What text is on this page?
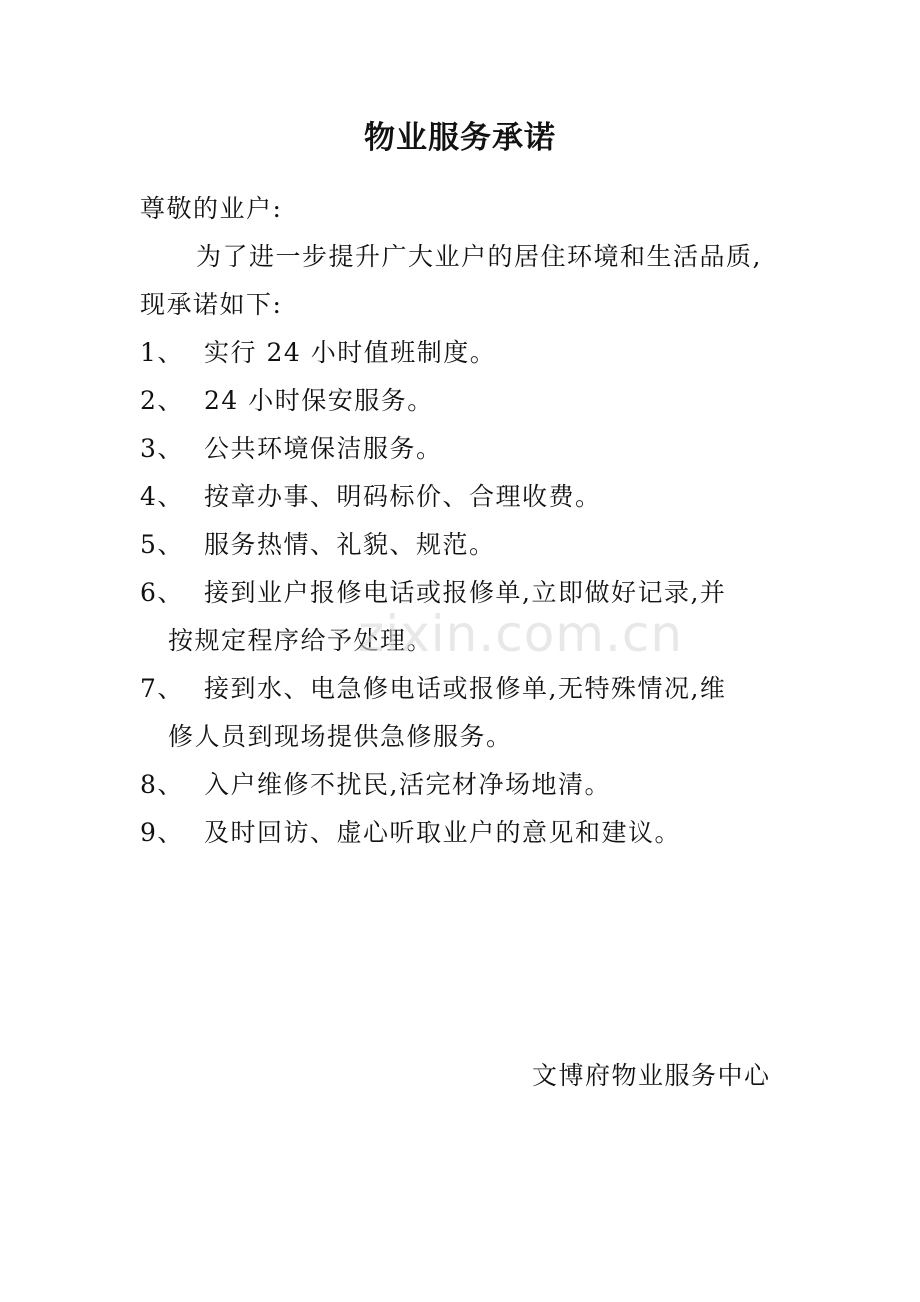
物业服务承诺
尊敬的业户:
为了进一步提升广大业户的居住环境和生活品质,
现承诺如下:
1、 实行 24 小时值班制度。
2、 24 小时保安服务。
3、 公共环境保洁服务。
4、 按章办事、明码标价、合理收费。
5、 服务热情、礼貌、规范。
6、 接到业户报修电话或报修单,立即做好记录,并
按规定程序给予处理。
7、 接到水、电急修电话或报修单,无特殊情况,维
修人员到现场提供急修服务。
8、 入户维修不扰民,活完材净场地清。
9、 及时回访、虚心听取业户的意见和建议。
zixin.com.cn
文博府物业服务中心
